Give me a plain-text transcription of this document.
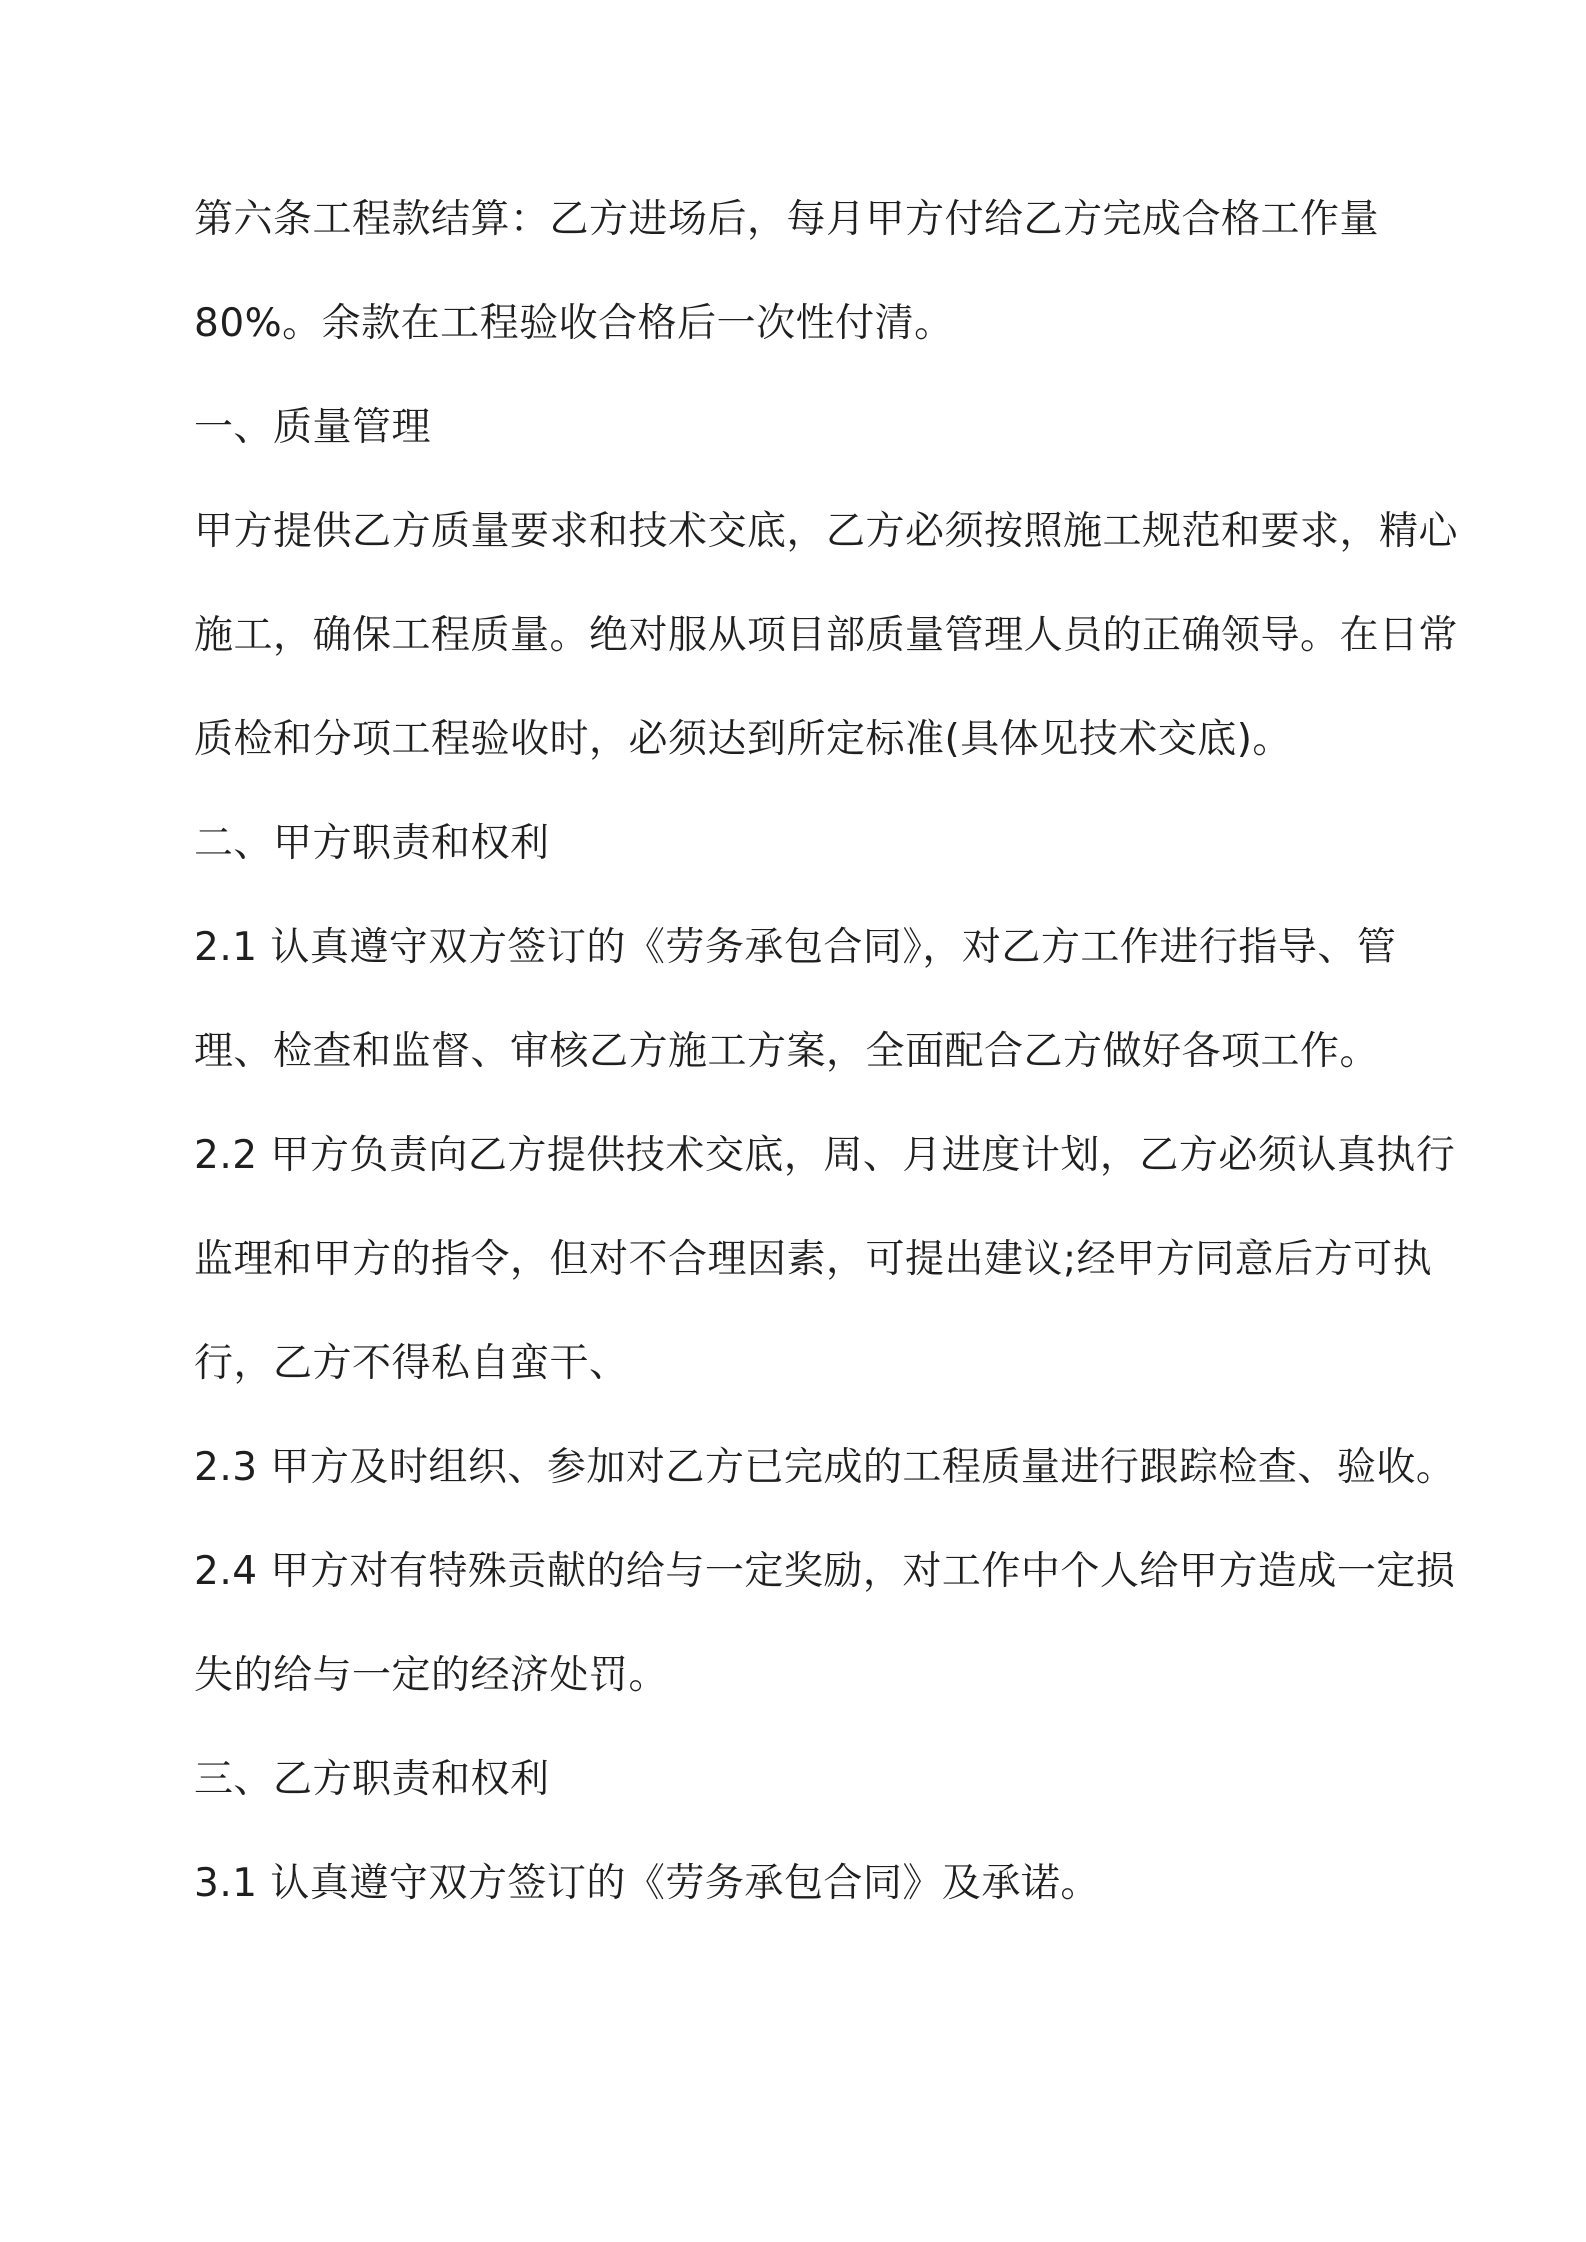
第六条工程款结算：乙方进场后，每月甲方付给乙方完成合格工作量
80%。余款在工程验收合格后一次性付清。
一、质量管理
甲方提供乙方质量要求和技术交底，乙方必须按照施工规范和要求，精心
施工，确保工程质量。绝对服从项目部质量管理人员的正确领导。在日常
质检和分项工程验收时，必须达到所定标准(具体见技术交底)。
二、甲方职责和权利
2.1 认真遵守双方签订的《劳务承包合同》，对乙方工作进行指导、管
理、检查和监督、审核乙方施工方案，全面配合乙方做好各项工作。
2.2 甲方负责向乙方提供技术交底，周、月进度计划，乙方必须认真执行
监理和甲方的指令，但对不合理因素，可提出建议;经甲方同意后方可执
行，乙方不得私自蛮干、
2.3 甲方及时组织、参加对乙方已完成的工程质量进行跟踪检查、验收。
2.4 甲方对有特殊贡献的给与一定奖励，对工作中个人给甲方造成一定损
失的给与一定的经济处罚。
三、乙方职责和权利
3.1 认真遵守双方签订的《劳务承包合同》及承诺。
